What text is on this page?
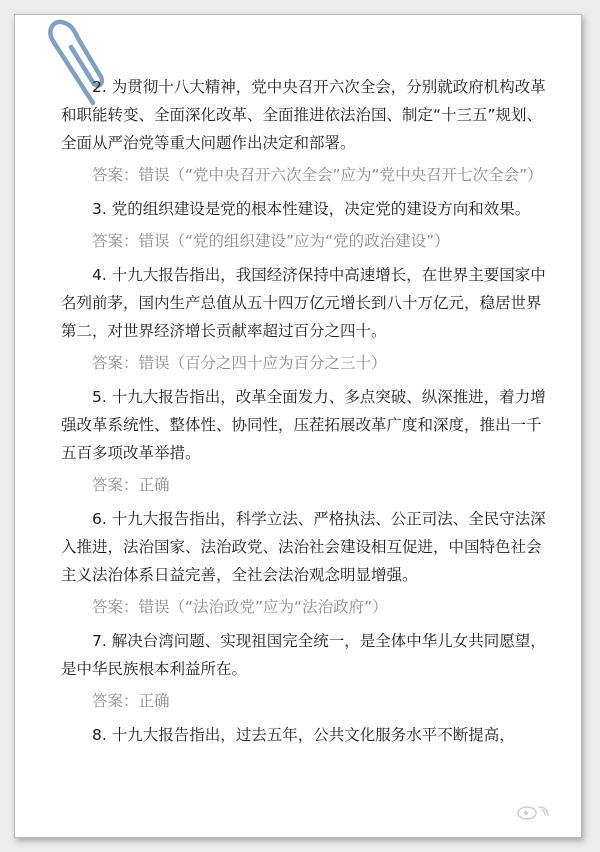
2. 为贯彻十八大精神，党中央召开六次全会，分别就政府机构改革和职能转变、全面深化改革、全面推进依法治国、制定“十三五”规划、全面从严治党等重大问题作出决定和部署。

答案：错误（“党中央召开六次全会”应为“党中央召开七次全会”）

3. 党的组织建设是党的根本性建设，决定党的建设方向和效果。

答案：错误（“党的组织建设”应为“党的政治建设”）

4. 十九大报告指出，我国经济保持中高速增长，在世界主要国家中名列前茅，国内生产总值从五十四万亿元增长到八十万亿元，稳居世界第二，对世界经济增长贡献率超过百分之四十。

答案：错误（百分之四十应为百分之三十）

5. 十九大报告指出，改革全面发力、多点突破、纵深推进，着力增强改革系统性、整体性、协同性，压茬拓展改革广度和深度，推出一千五百多项改革举措。

答案：正确

6. 十九大报告指出，科学立法、严格执法、公正司法、全民守法深入推进，法治国家、法治政党、法治社会建设相互促进，中国特色社会主义法治体系日益完善，全社会法治观念明显增强。

答案：错误（“法治政党”应为“法治政府”）

7. 解决台湾问题、实现祖国完全统一，是全体中华儿女共同愿望，是中华民族根本利益所在。

答案：正确

8. 十九大报告指出，过去五年，公共文化服务水平不断提高，
